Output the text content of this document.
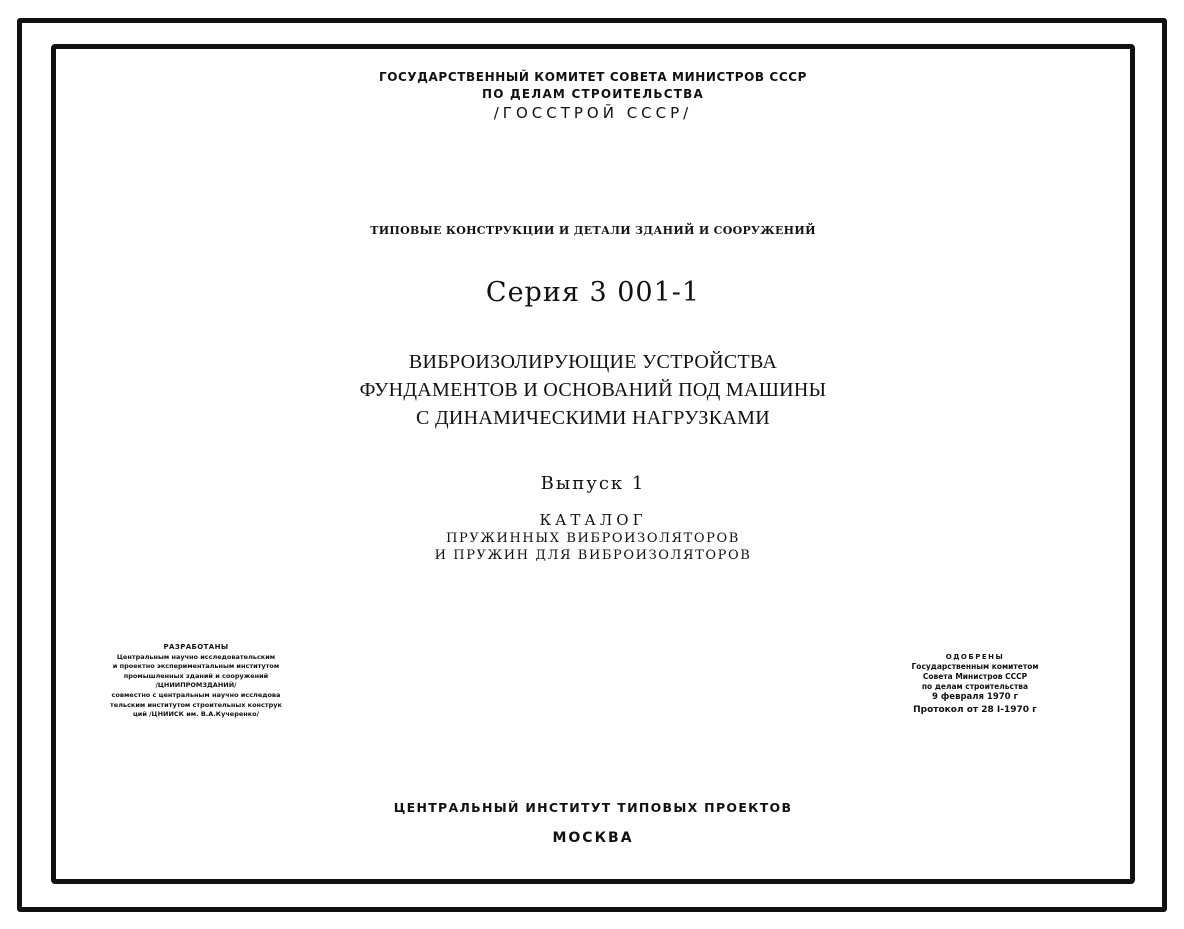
ГОСУДАРСТВЕННЫЙ КОМИТЕТ СОВЕТА МИНИСТРОВ СССР

ПО ДЕЛАМ СТРОИТЕЛЬСТВА

/ГОССТРОЙ СССР/

ТИПОВЫЕ КОНСТРУКЦИИ И ДЕТАЛИ ЗДАНИЙ И СООРУЖЕНИЙ

Серия 3 001-1

ВИБРОИЗОЛИРУЮЩИЕ УСТРОЙСТВА

ФУНДАМЕНТОВ И ОСНОВАНИЙ ПОД МАШИНЫ

С ДИНАМИЧЕСКИМИ НАГРУЗКАМИ

Выпуск 1

КАТАЛОГ

ПРУЖИННЫХ ВИБРОИЗОЛЯТОРОВ

И ПРУЖИН ДЛЯ ВИБРОИЗОЛЯТОРОВ

РАЗРАБОТАНЫ

Центральным научно исследовательским

и проектно экспериментальным институтом

промышленных зданий и сооружений

/ЦНИИПРОМЗДАНИЙ/

совместно с центральным научно исследова

тельским институтом строительных конструк

ций /ЦНИИСК им. В.А.Кучеренко/

ОДОБРЕНЫ

Государственным комитетом

Совета Министров СССР

по делам строительства

9 февраля 1970 г

Протокол от 28 I-1970 г

ЦЕНТРАЛЬНЫЙ ИНСТИТУТ ТИПОВЫХ ПРОЕКТОВ

МОСКВА
